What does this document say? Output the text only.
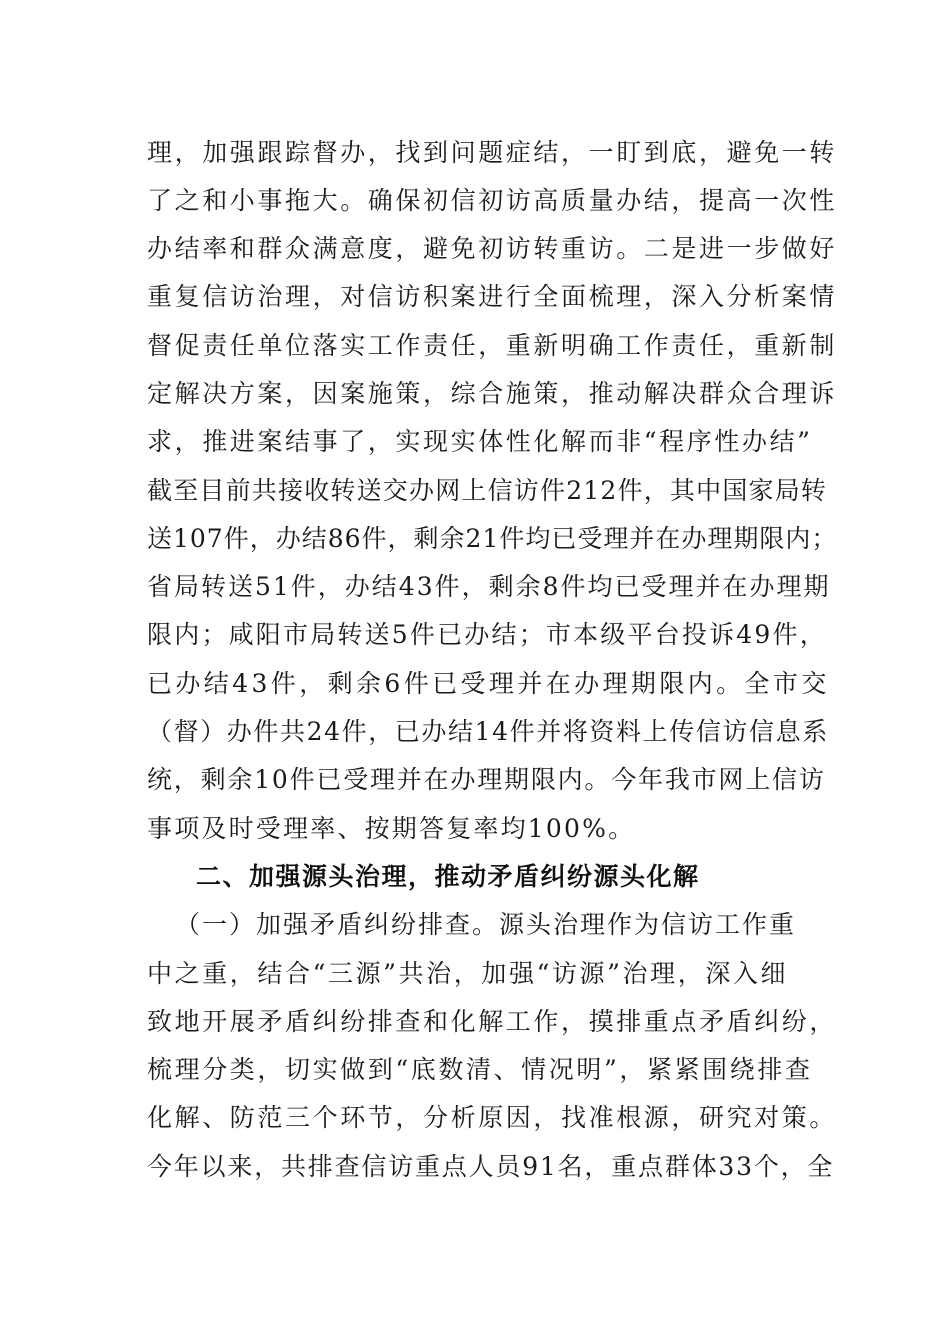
理，加强跟踪督办，找到问题症结，一盯到底，避免一转
了之和小事拖大。确保初信初访高质量办结，提高一次性
办结率和群众满意度，避免初访转重访。二是进一步做好
重复信访治理，对信访积案进行全面梳理，深入分析案情
督促责任单位落实工作责任，重新明确工作责任，重新制
定解决方案，因案施策，综合施策，推动解决群众合理诉
求，推进案结事了，实现实体性化解而非“程序性办结”
截至目前共接收转送交办网上信访件212件，其中国家局转
送107件，办结86件，剩余21件均已受理并在办理期限内；
省局转送51件，办结43件，剩余8件均已受理并在办理期
限内；咸阳市局转送5件已办结；市本级平台投诉49件，
已办结43件，剩余6件已受理并在办理期限内。全市交
（督）办件共24件，已办结14件并将资料上传信访信息系
统，剩余10件已受理并在办理期限内。今年我市网上信访
事项及时受理率、按期答复率均100%。
二、加强源头治理，推动矛盾纠纷源头化解
（一）加强矛盾纠纷排查。源头治理作为信访工作重
中之重，结合“三源”共治，加强“访源”治理，深入细
致地开展矛盾纠纷排查和化解工作，摸排重点矛盾纠纷，
梳理分类，切实做到“底数清、情况明”，紧紧围绕排查
化解、防范三个环节，分析原因，找准根源，研究对策。
今年以来，共排查信访重点人员91名，重点群体33个，全
